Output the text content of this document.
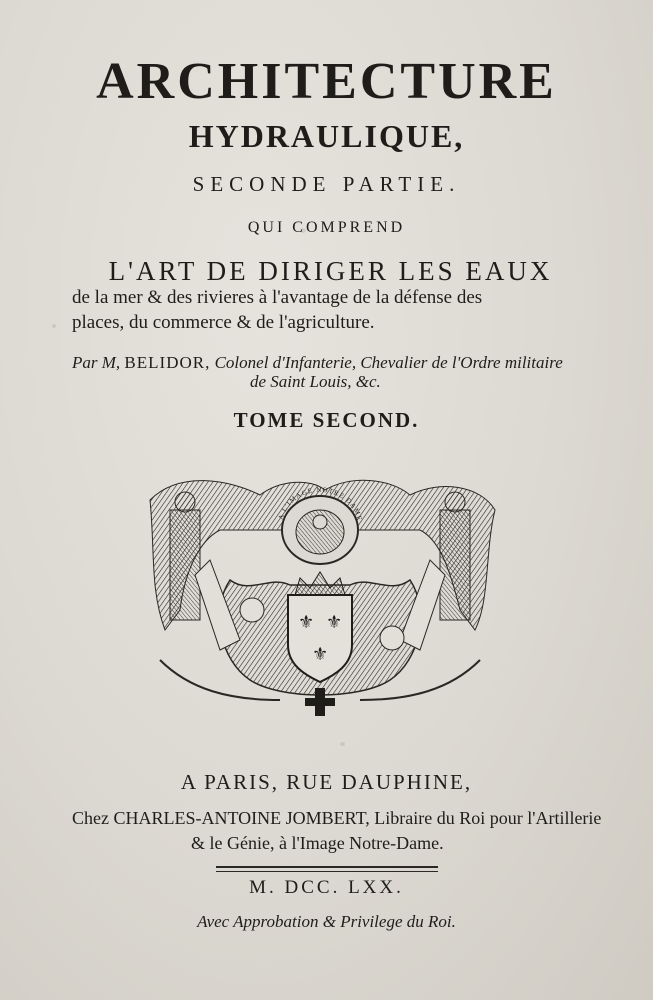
ARCHITECTURE
HYDRAULIQUE,
SECONDE PARTIE.
QUI COMPREND
L'ART DE DIRIGER LES EAUX
de la mer & des rivieres à l'avantage de la défense des
places, du commerce & de l'agriculture.
Par M, BELIDOR, Colonel d'Infanterie, Chevalier de l'Ordre militaire
de Saint Louis, &c.
TOME SECOND.
A L'IMAGE NOTRE DAME
⚜ ⚜
⚜
A PARIS, RUE DAUPHINE,
Chez CHARLES-ANTOINE JOMBERT, Libraire du Roi pour l'Artillerie
& le Génie, à l'Image Notre-Dame.
M. DCC. LXX.
Avec Approbation & Privilege du Roi.
